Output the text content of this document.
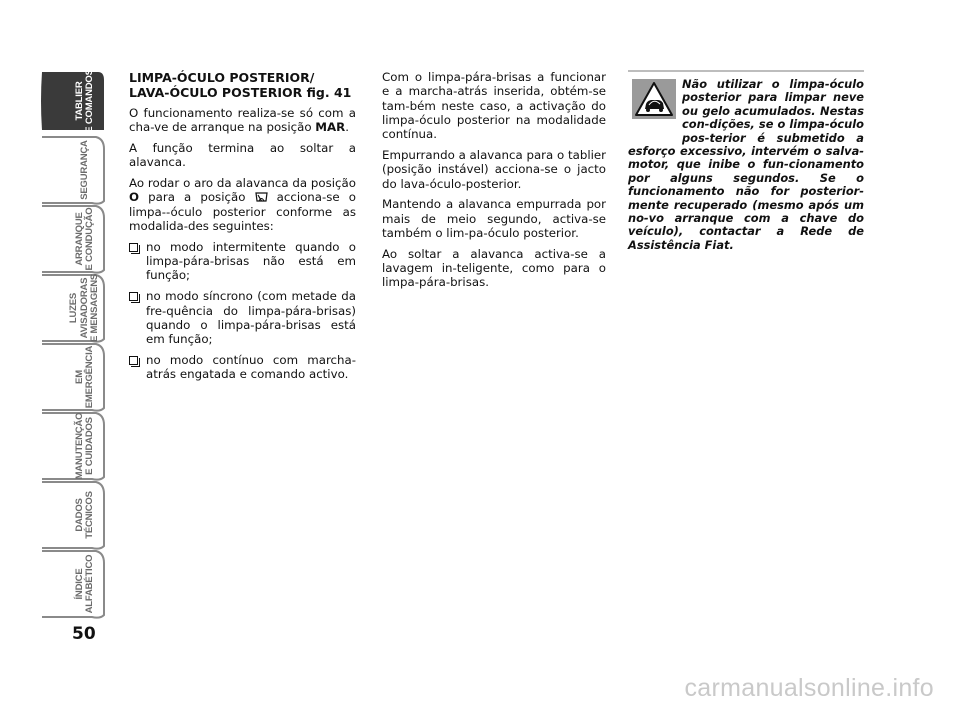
TABLIER
E COMANDOS
SEGURANÇA
ARRANQUE
E CONDUÇÃO
LUZES
AVISADORAS
E MENSAGENS
EM
EMERGÊNCIA
MANUTENÇÃO
E CUIDADOS
DADOS
TÉCNICOS
ÍNDICE
ALFABÉTICO
50
LIMPA-ÓCULO POSTERIOR/
LAVA-ÓCULO POSTERIOR fig. 41

O funcionamento realiza-se só com a cha-ve de arranque na posição MAR.

A função termina ao soltar a alavanca.

Ao rodar o aro da alavanca da posição O para a posição  acciona-se o limpa--óculo posterior conforme as modalida-des seguintes:

no modo intermitente quando o limpa-pára-brisas não está em função;
no modo síncrono (com metade da fre-quência do limpa-pára-brisas) quando o limpa-pára-brisas está em função;
no modo contínuo com marcha-atrás engatada e comando activo.

Com o limpa-pára-brisas a funcionar e a marcha-atrás inserida, obtém-se tam-bém neste caso, a activação do limpa-óculo posterior na modalidade contínua.

Empurrando a alavanca para o tablier (posição instável) acciona-se o jacto do lava-óculo-posterior.

Mantendo a alavanca empurrada por mais de meio segundo, activa-se também o lim-pa-óculo posterior.

Ao soltar a alavanca activa-se a lavagem in-teligente, como para o limpa-pára-brisas.

Não utilizar o limpa-óculo posterior para limpar neve ou gelo acumulados. Nestas con-dições, se o limpa-óculo pos-terior é submetido a esforço excessivo, intervém o salva-motor, que inibe o fun-cionamento por alguns segundos. Se o funcionamento não for posterior-mente recuperado (mesmo após um no-vo arranque com a chave do veículo), contactar a Rede de Assistência Fiat.
carmanualsonline.info
